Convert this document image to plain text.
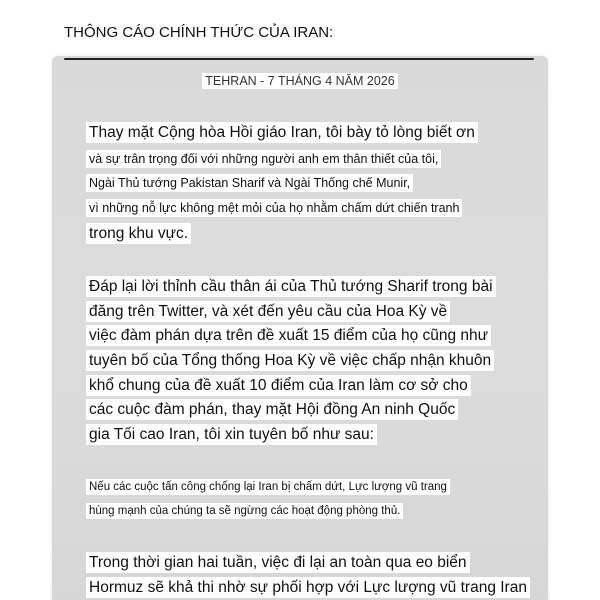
THÔNG CÁO CHÍNH THỨC CỦA IRAN:
TEHRAN - 7 THÁNG 4 NĂM 2026
Thay mặt Cộng hòa Hồi giáo Iran, tôi bày tỏ lòng biết ơn
và sự trân trọng đối với những người anh em thân thiết của tôi,
Ngài Thủ tướng Pakistan Sharif và Ngài Thống chế Munir,
vì những nỗ lực không mệt mỏi của họ nhằm chấm dứt chiến tranh
trong khu vực.
Đáp lại lời thỉnh cầu thân ái của Thủ tướng Sharif trong bài
đăng trên Twitter, và xét đến yêu cầu của Hoa Kỳ về
việc đàm phán dựa trên đề xuất 15 điểm của họ cũng như
tuyên bố của Tổng thống Hoa Kỳ về việc chấp nhận khuôn
khổ chung của đề xuất 10 điểm của Iran làm cơ sở cho
các cuộc đàm phán, thay mặt Hội đồng An ninh Quốc
gia Tối cao Iran, tôi xin tuyên bố như sau:
Nếu các cuộc tấn công chống lại Iran bị chấm dứt, Lực lượng vũ trang
hùng mạnh của chúng ta sẽ ngừng các hoạt động phòng thủ.
Trong thời gian hai tuần, việc đi lại an toàn qua eo biển
Hormuz sẽ khả thi nhờ sự phối hợp với Lực lượng vũ trang Iran
